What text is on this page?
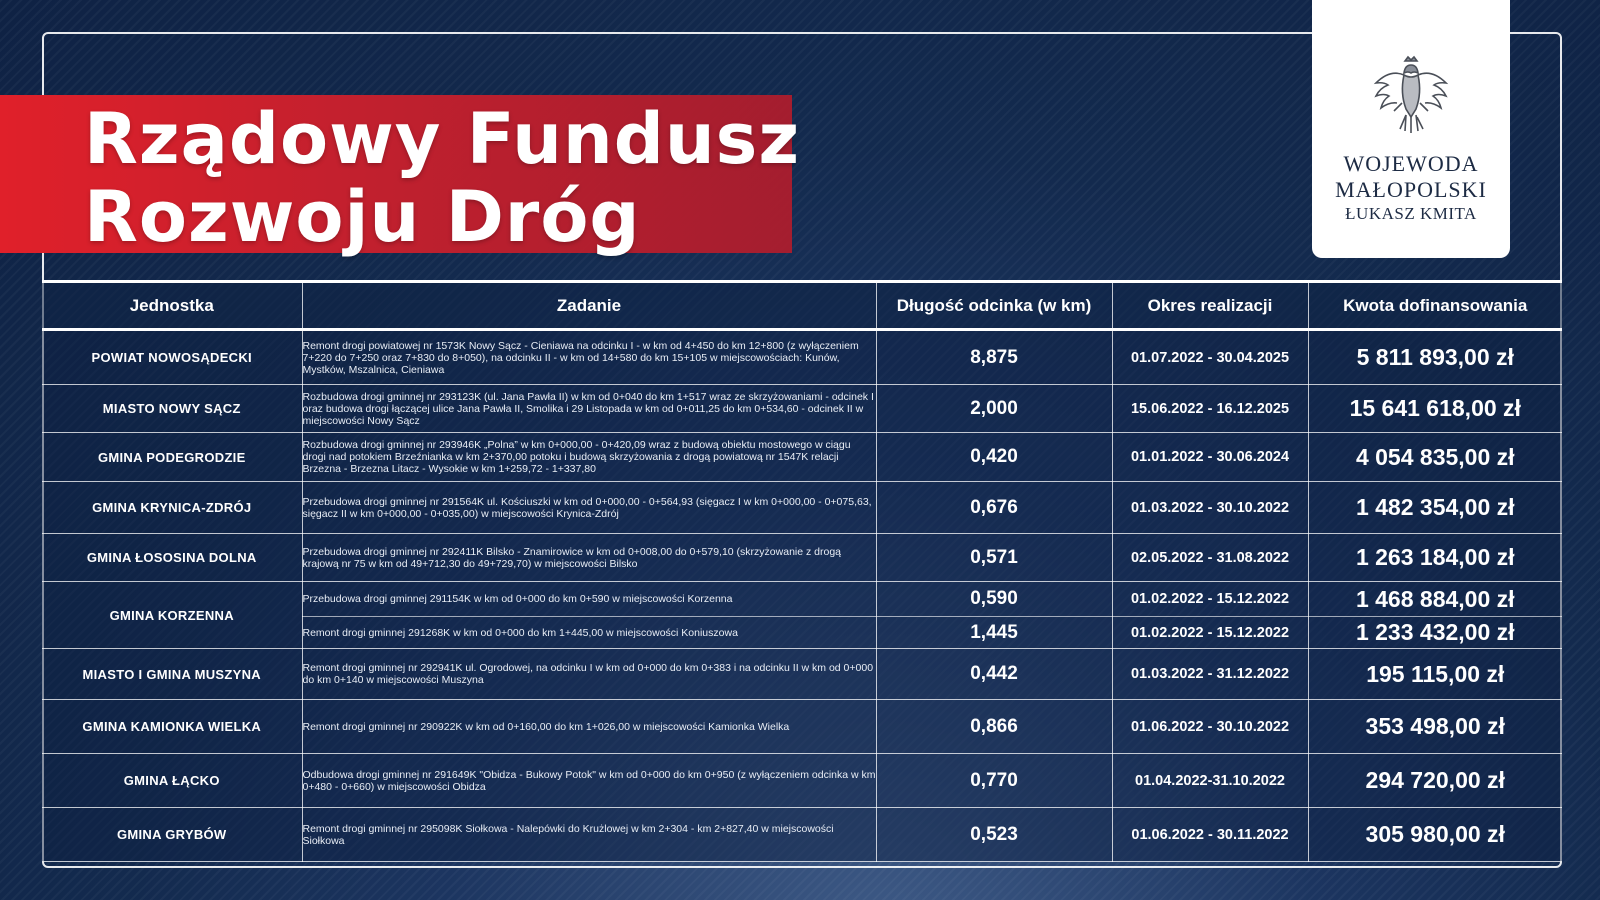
Rządowy Fundusz
Rozwoju Dróg
WOJEWODA
MAŁOPOLSKI
ŁUKASZ KMITA
Jednostka	Zadanie	Długość odcinka (w km)	Okres realizacji	Kwota dofinansowania
POWIAT NOWOSĄDECKI	Remont drogi powiatowej nr 1573K Nowy Sącz - Cieniawa na odcinku I - w km od 4+450 do km 12+800 (z wyłączeniem 7+220 do 7+250 oraz 7+830 do 8+050), na odcinku II - w km od 14+580 do km 15+105 w miejscowościach: Kunów, Mystków, Mszalnica, Cieniawa	8,875	01.07.2022 - 30.04.2025	5 811 893,00 zł
MIASTO NOWY SĄCZ	Rozbudowa drogi gminnej nr 293123K (ul. Jana Pawła II) w km od 0+040 do km 1+517 wraz ze skrzyżowaniami - odcinek I oraz budowa drogi łączącej ulice Jana Pawła II, Smolika i 29 Listopada w km od 0+011,25 do km 0+534,60 - odcinek II w miejscowości Nowy Sącz	2,000	15.06.2022 - 16.12.2025	15 641 618,00 zł
GMINA PODEGRODZIE	Rozbudowa drogi gminnej nr 293946K „Polna” w km 0+000,00 - 0+420,09 wraz z budową obiektu mostowego w ciągu drogi nad potokiem Brzeźnianka w km 2+370,00 potoku i budową skrzyżowania z drogą powiatową nr 1547K relacji Brzezna - Brzezna Litacz - Wysokie w km 1+259,72 - 1+337,80	0,420	01.01.2022 - 30.06.2024	4 054 835,00 zł
GMINA KRYNICA-ZDRÓJ	Przebudowa drogi gminnej nr 291564K ul. Kościuszki w km od 0+000,00 - 0+564,93 (sięgacz I w km 0+000,00 - 0+075,63, sięgacz II w km 0+000,00 - 0+035,00) w miejscowości Krynica-Zdrój	0,676	01.03.2022 - 30.10.2022	1 482 354,00 zł
GMINA ŁOSOSINA DOLNA	Przebudowa drogi gminnej nr 292411K Bilsko - Znamirowice w km od 0+008,00 do 0+579,10 (skrzyżowanie z drogą krajową nr 75 w km od 49+712,30 do 49+729,70) w miejscowości Bilsko	0,571	02.05.2022 - 31.08.2022	1 263 184,00 zł
GMINA KORZENNA	Przebudowa drogi gminnej 291154K w km od 0+000 do km 0+590 w miejscowości Korzenna	0,590	01.02.2022 - 15.12.2022	1 468 884,00 zł
	Remont drogi gminnej 291268K w km od 0+000 do km 1+445,00 w miejscowości Koniuszowa	1,445	01.02.2022 - 15.12.2022	1 233 432,00 zł
MIASTO I GMINA MUSZYNA	Remont drogi gminnej nr 292941K ul. Ogrodowej, na odcinku I w km od 0+000 do km 0+383 i na odcinku II w km od 0+000 do km 0+140 w miejscowości Muszyna	0,442	01.03.2022 - 31.12.2022	195 115,00 zł
GMINA KAMIONKA WIELKA	Remont drogi gminnej nr 290922K w km od 0+160,00 do km 1+026,00 w miejscowości Kamionka Wielka	0,866	01.06.2022 - 30.10.2022	353 498,00 zł
GMINA ŁĄCKO	Odbudowa drogi gminnej nr 291649K "Obidza - Bukowy Potok" w km od 0+000 do km 0+950 (z wyłączeniem odcinka w km 0+480 - 0+660) w miejscowości Obidza	0,770	01.04.2022-31.10.2022	294 720,00 zł
GMINA GRYBÓW	Remont drogi gminnej nr 295098K Siołkowa - Nalepówki do Krużlowej w km 2+304 - km 2+827,40 w miejscowości Siołkowa	0,523	01.06.2022 - 30.11.2022	305 980,00 zł
